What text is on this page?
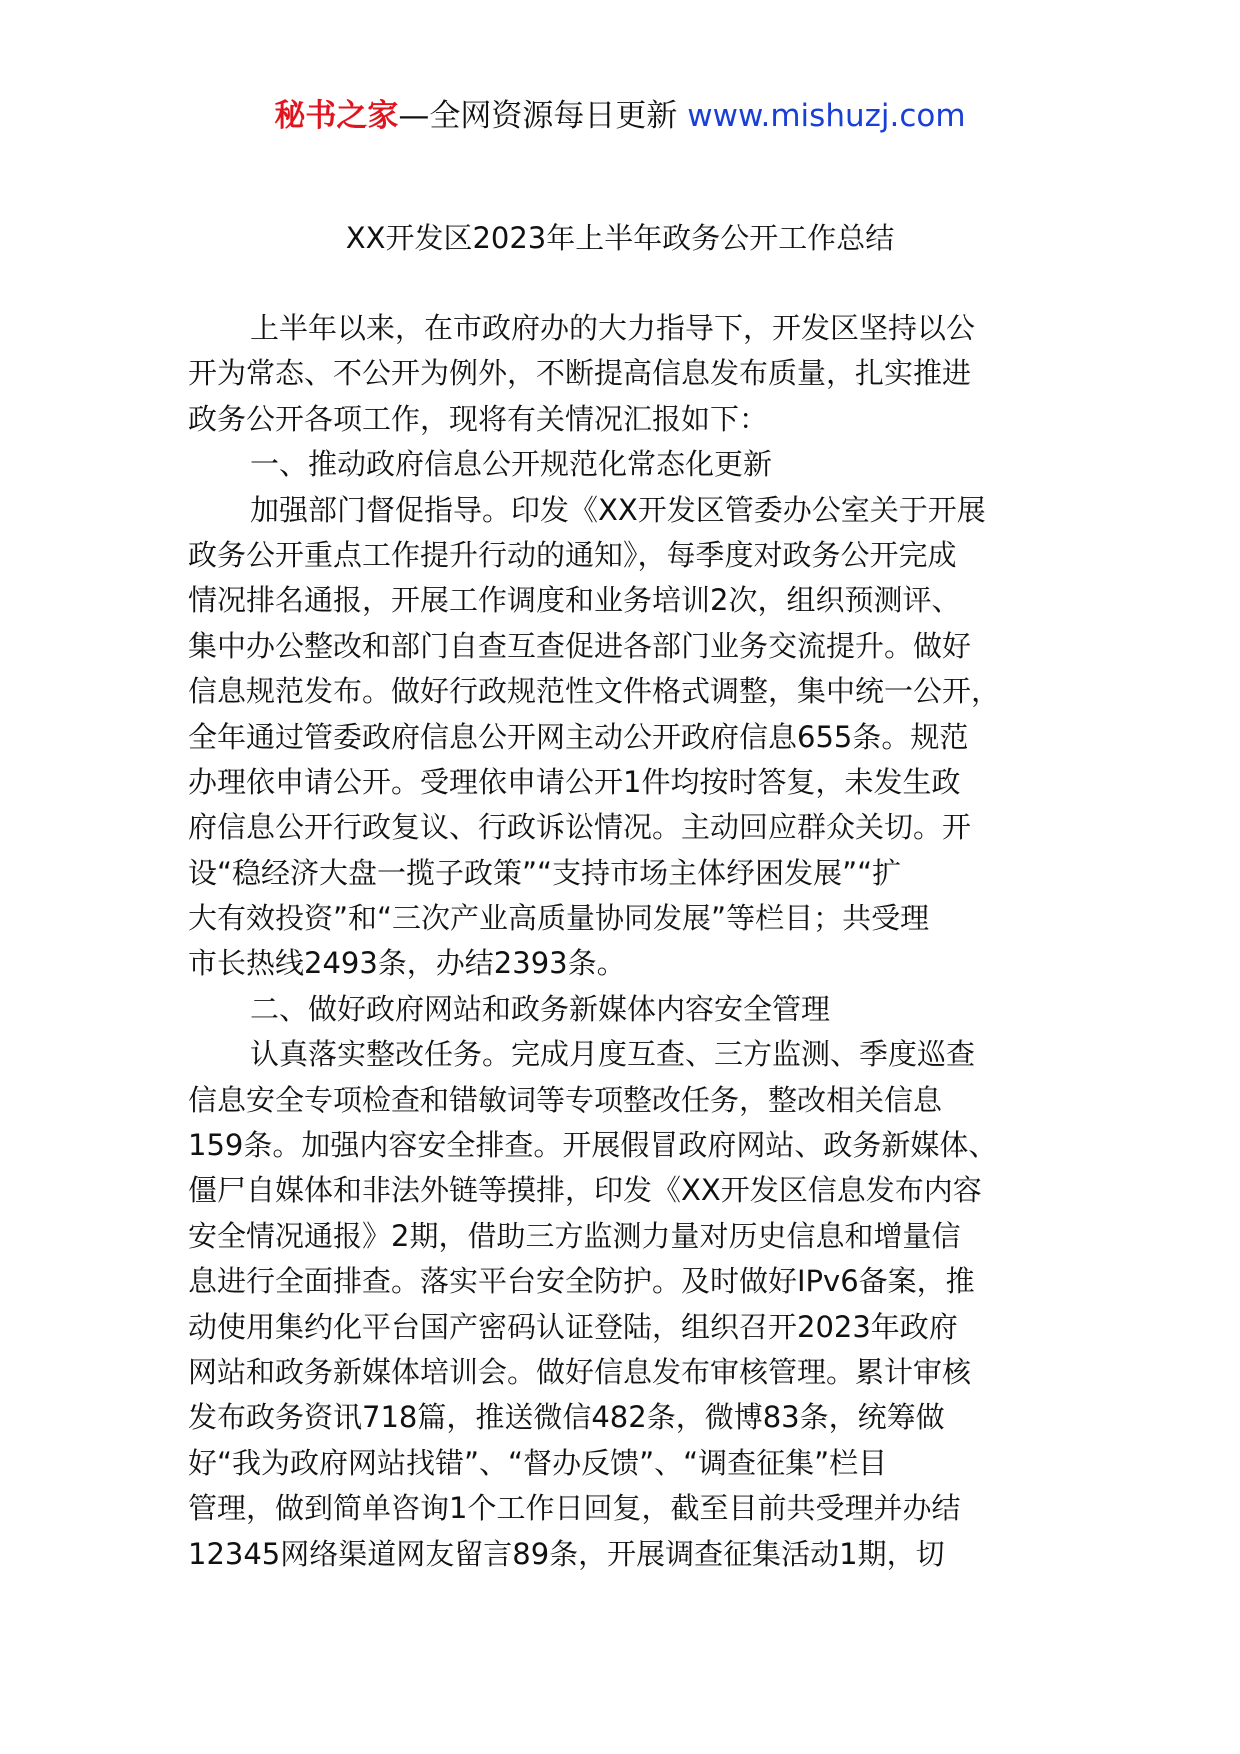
秘书之家—全网资源每日更新 www.mishuzj.com
XX开发区2023年上半年政务公开工作总结
上半年以来，在市政府办的大力指导下，开发区坚持以公
开为常态、不公开为例外，不断提高信息发布质量，扎实推进
政务公开各项工作，现将有关情况汇报如下：
一、推动政府信息公开规范化常态化更新
加强部门督促指导。印发《XX开发区管委办公室关于开展
政务公开重点工作提升行动的通知》，每季度对政务公开完成
情况排名通报，开展工作调度和业务培训2次，组织预测评、
集中办公整改和部门自查互查促进各部门业务交流提升。做好
信息规范发布。做好行政规范性文件格式调整，集中统一公开，
全年通过管委政府信息公开网主动公开政府信息655条。规范
办理依申请公开。受理依申请公开1件均按时答复，未发生政
府信息公开行政复议、行政诉讼情况。主动回应群众关切。开
设“稳经济大盘一揽子政策”“支持市场主体纾困发展”“扩
大有效投资”和“三次产业高质量协同发展”等栏目；共受理
市长热线2493条，办结2393条。
二、做好政府网站和政务新媒体内容安全管理
认真落实整改任务。完成月度互查、三方监测、季度巡查
信息安全专项检查和错敏词等专项整改任务，整改相关信息
159条。加强内容安全排查。开展假冒政府网站、政务新媒体、
僵尸自媒体和非法外链等摸排，印发《XX开发区信息发布内容
安全情况通报》2期，借助三方监测力量对历史信息和增量信
息进行全面排查。落实平台安全防护。及时做好IPv6备案，推
动使用集约化平台国产密码认证登陆，组织召开2023年政府
网站和政务新媒体培训会。做好信息发布审核管理。累计审核
发布政务资讯718篇，推送微信482条，微博83条，统筹做
好“我为政府网站找错”、“督办反馈”、“调查征集”栏目
管理，做到简单咨询1个工作日回复，截至目前共受理并办结
12345网络渠道网友留言89条，开展调查征集活动1期，切
